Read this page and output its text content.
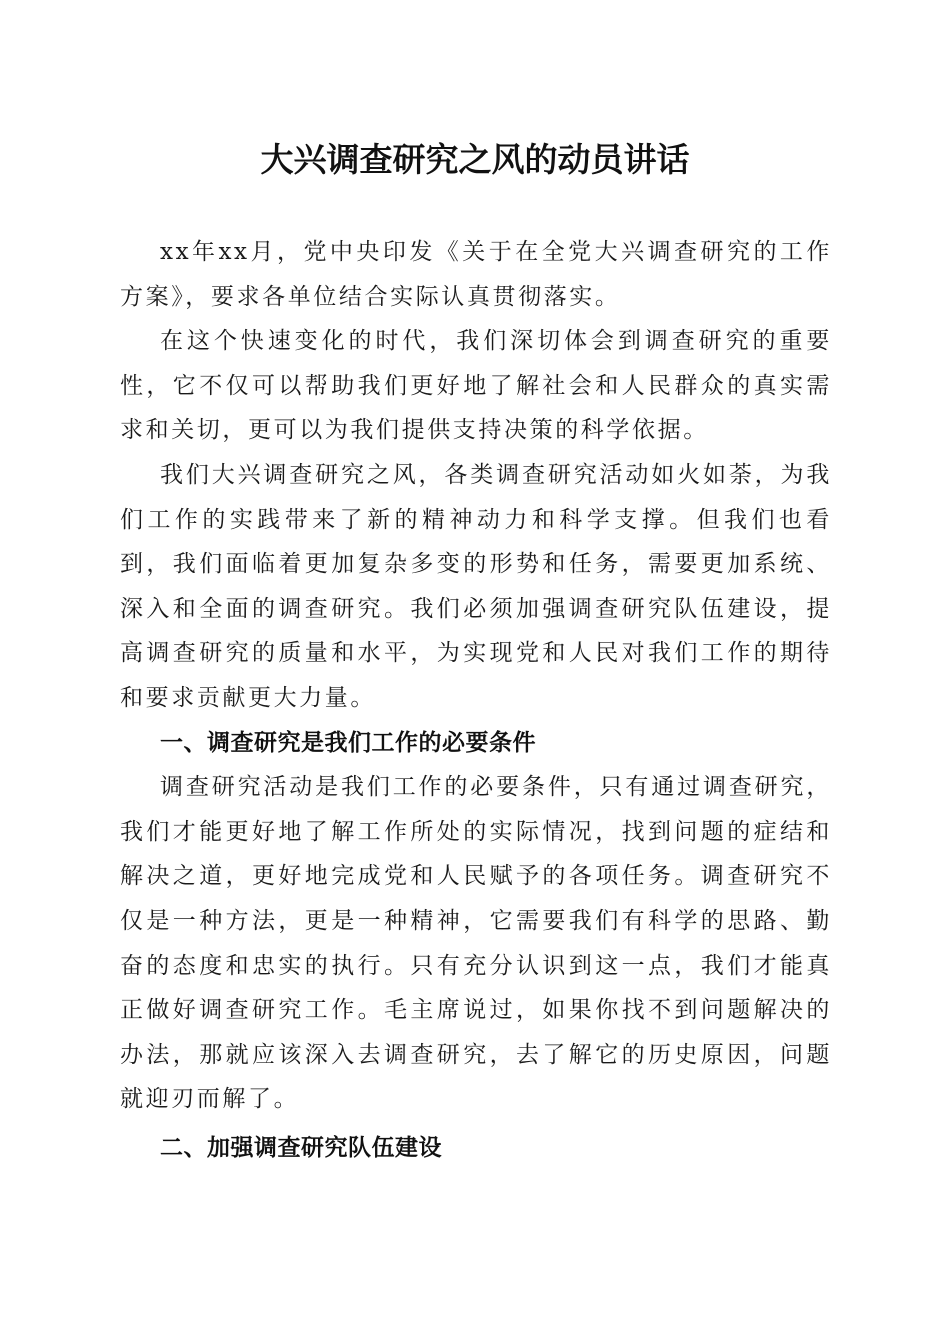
大兴调查研究之风的动员讲话

xx年xx月，党中央印发《关于在全党大兴调查研究的工作方案》，要求各单位结合实际认真贯彻落实。

在这个快速变化的时代，我们深切体会到调查研究的重要性，它不仅可以帮助我们更好地了解社会和人民群众的真实需求和关切，更可以为我们提供支持决策的科学依据。

我们大兴调查研究之风，各类调查研究活动如火如荼，为我们工作的实践带来了新的精神动力和科学支撑。但我们也看到，我们面临着更加复杂多变的形势和任务，需要更加系统、深入和全面的调查研究。我们必须加强调查研究队伍建设，提高调查研究的质量和水平，为实现党和人民对我们工作的期待和要求贡献更大力量。

一、调查研究是我们工作的必要条件

调查研究活动是我们工作的必要条件，只有通过调查研究，我们才能更好地了解工作所处的实际情况，找到问题的症结和解决之道，更好地完成党和人民赋予的各项任务。调查研究不仅是一种方法，更是一种精神，它需要我们有科学的思路、勤奋的态度和忠实的执行。只有充分认识到这一点，我们才能真正做好调查研究工作。毛主席说过，如果你找不到问题解决的办法，那就应该深入去调查研究，去了解它的历史原因，问题就迎刃而解了。

二、加强调查研究队伍建设
